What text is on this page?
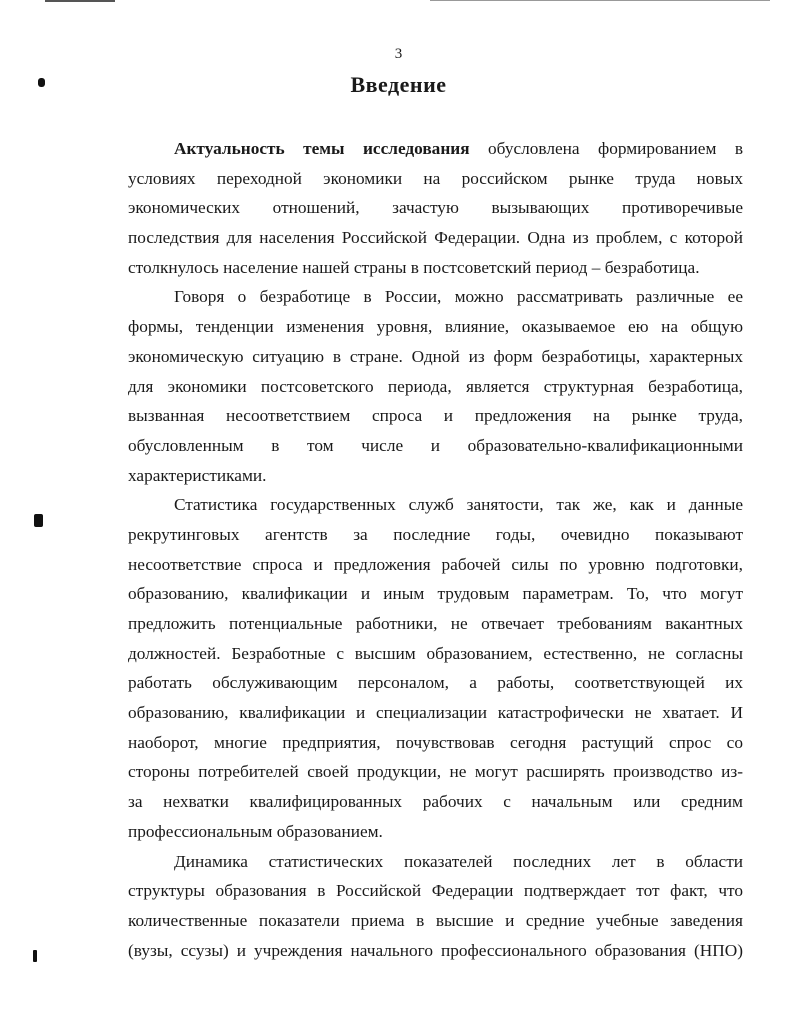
3
Введение
Актуальность темы исследования обусловлена формированием в
условиях переходной экономики на российском рынке труда новых
экономических отношений, зачастую вызывающих противоречивые
последствия для населения Российской Федерации. Одна из проблем, с которой
столкнулось население нашей страны в постсоветский период – безработица.
Говоря о безработице в России, можно рассматривать различные ее
формы, тенденции изменения уровня, влияние, оказываемое ею на общую
экономическую ситуацию в стране. Одной из форм безработицы, характерных
для экономики постсоветского периода, является структурная безработица,
вызванная несоответствием спроса и предложения на рынке труда,
обусловленным в том числе и образовательно-квалификационными
характеристиками.
Статистика государственных служб занятости, так же, как и данные
рекрутинговых агентств за последние годы, очевидно показывают
несоответствие спроса и предложения рабочей силы по уровню подготовки,
образованию, квалификации и иным трудовым параметрам. То, что могут
предложить потенциальные работники, не отвечает требованиям вакантных
должностей. Безработные с высшим образованием, естественно, не согласны
работать обслуживающим персоналом, а работы, соответствующей их
образованию, квалификации и специализации катастрофически не хватает. И
наоборот, многие предприятия, почувствовав сегодня растущий спрос со
стороны потребителей своей продукции, не могут расширять производство из-
за нехватки квалифицированных рабочих с начальным или средним
профессиональным образованием.
Динамика статистических показателей последних лет в области
структуры образования в Российской Федерации подтверждает тот факт, что
количественные показатели приема в высшие и средние учебные заведения
(вузы, ссузы) и учреждения начального профессионального образования (НПО)
